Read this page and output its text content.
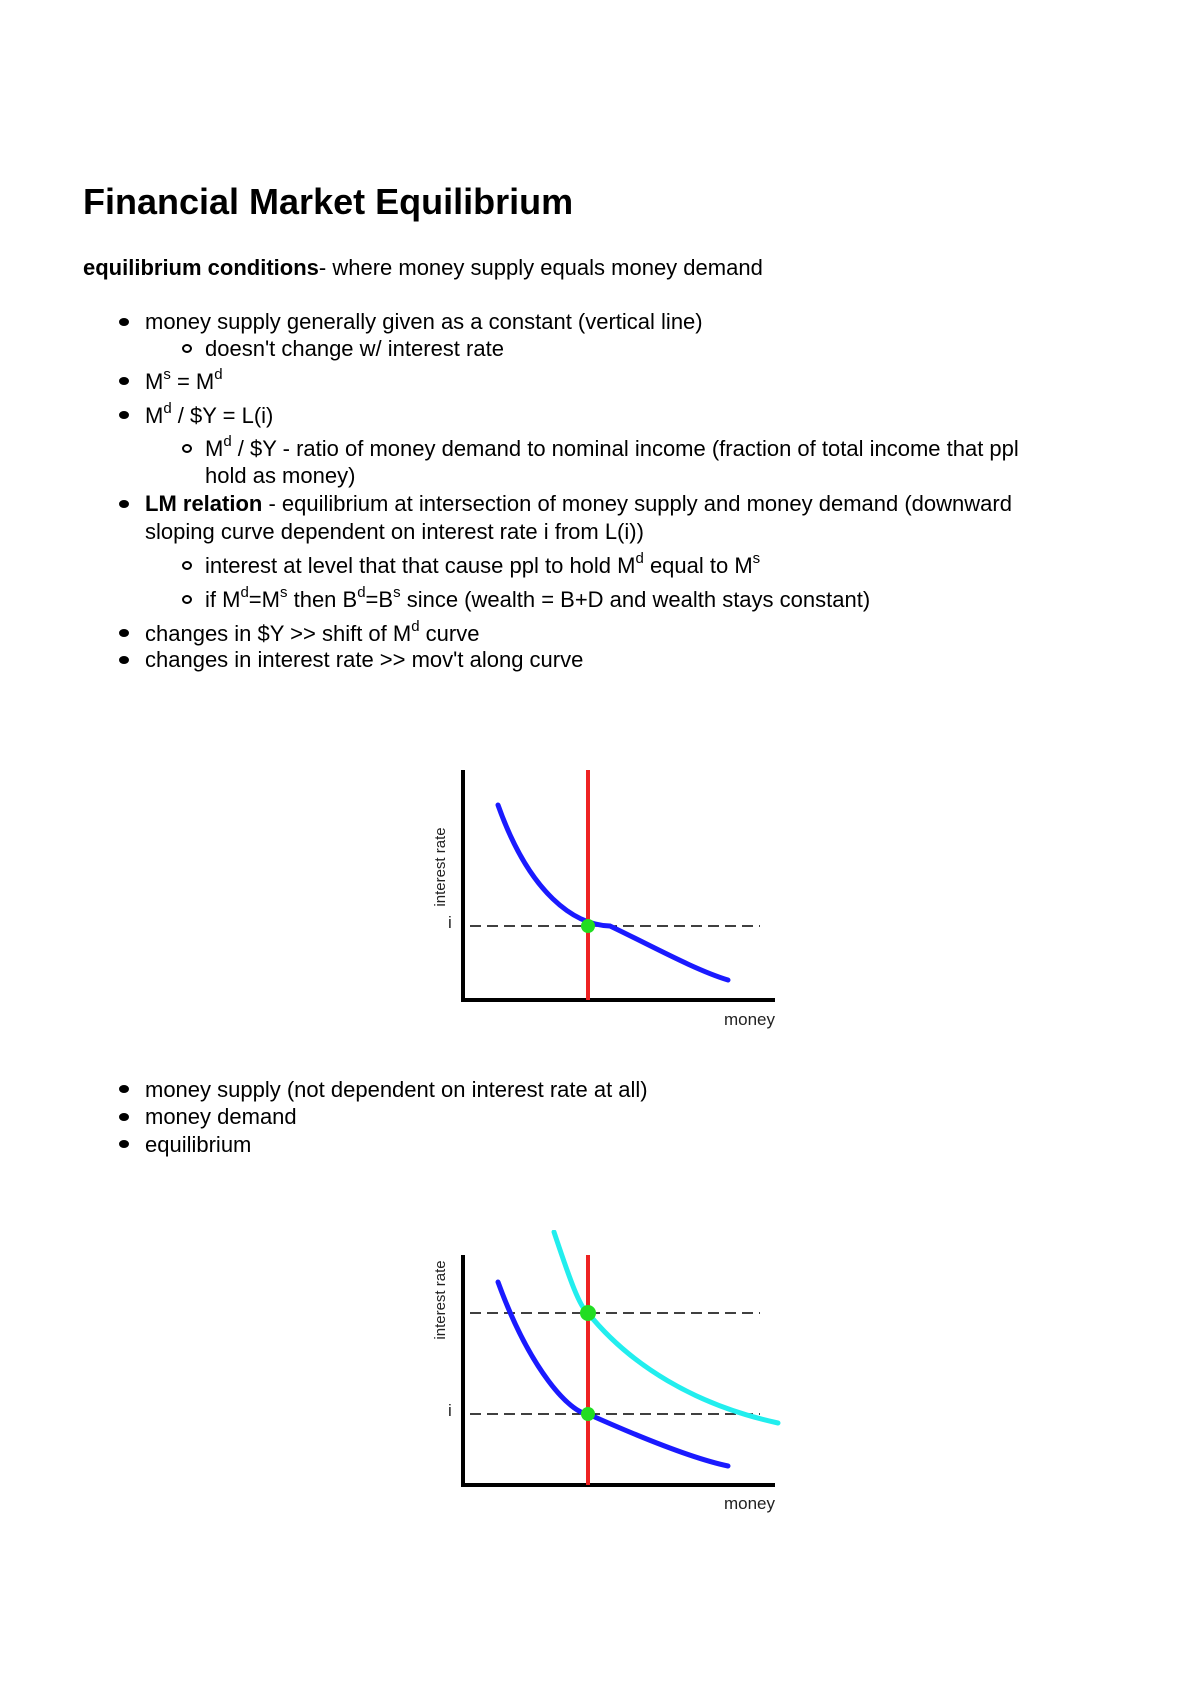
Financial Market Equilibrium
equilibrium conditions- where money supply equals money demand
money supply generally given as a constant (vertical line)
doesn't change w/ interest rate
$M^s = M^d$
$M^d$ / $Y = L(i)
$M^d$ / $Y - ratio of money demand to nominal income (fraction of total income that ppl
hold as money)
LM relation - equilibrium at intersection of money supply and money demand (downward
sloping curve dependent on interest rate i from L(i))
interest at level that that cause ppl to hold $M^d$ equal to $M^s$
if $M^d=M^s$ then $B^d=B^s$ since (wealth = B+D and wealth stays constant)
changes in $Y >> shift of $M^d$ curve
changes in interest rate >> mov't along curve
interest rate
money
i
money supply (not dependent on interest rate at all)
money demand
equilibrium
interest rate
money
i
